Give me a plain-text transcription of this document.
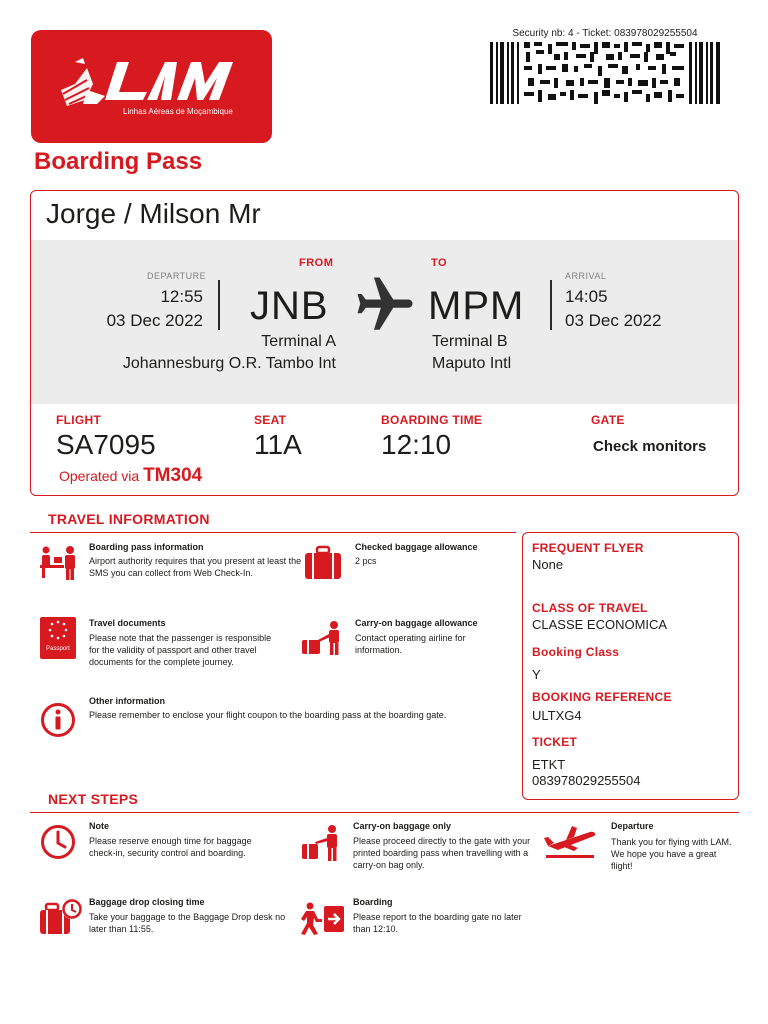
Linhas Aéreas de Moçambique
Security nb: 4 - Ticket: 083978029255504
Boarding Pass
Jorge / Milson Mr
DEPARTURE
12:55
03 Dec 2022
FROM
JNB
Terminal A
Johannesburg O.R. Tambo Int
TO
MPM
Terminal B
Maputo Intl
ARRIVAL
14:05
03 Dec 2022
FLIGHT
SA7095
Operated via TM304
SEAT
11A
BOARDING TIME
12:10
GATE
Check monitors
TRAVEL INFORMATION
Boarding pass information
Airport authority requires that you present at least the SMS you can collect from Web Check-In.
Checked baggage allowance
2 pcs
Passport
Travel documents
Please note that the passenger is responsible for the validity of passport and other travel documents for the complete journey.
Carry-on baggage allowance
Contact operating airline for information.
Other information
Please remember to enclose your flight coupon to the boarding pass at the boarding gate.
FREQUENT FLYER
None
CLASS OF TRAVEL
CLASSE ECONOMICA
Booking Class
Y
BOOKING REFERENCE
ULTXG4
TICKET
ETKT
083978029255504
NEXT STEPS
Note
Please reserve enough time for baggage check-in, security control and boarding.
Carry-on baggage only
Please proceed directly to the gate with your printed boarding pass when travelling with a carry-on bag only.
Departure
Thank you for flying with LAM. We hope you have a great flight!
Baggage drop closing time
Take your baggage to the Baggage Drop desk no later than 11:55.
Boarding
Please report to the boarding gate no later than 12:10.
